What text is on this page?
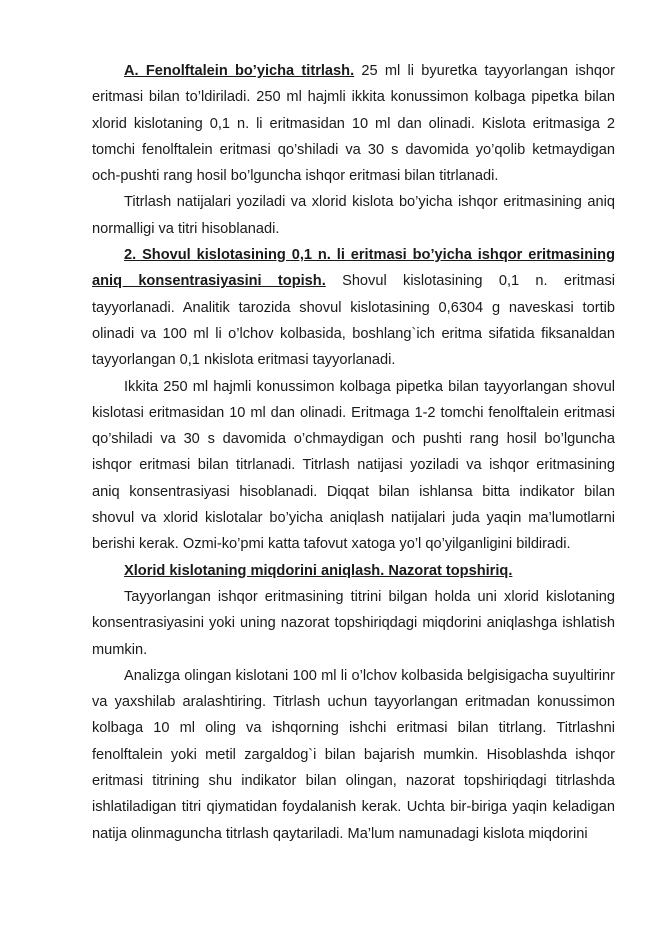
A. Fenolftalein bo’yicha titrlash. 25 ml li byuretka tayyorlangan ishqor eritmasi bilan to’ldiriladi. 250 ml hajmli ikkita konussimon kolbaga pipetka bilan xlorid kislotaning 0,1 n. li eritmasidan 10 ml dan olinadi. Kislota eritmasiga 2 tomchi fenolftalein eritmasi qo’shiladi va 30 s davomida yo’qolib ketmaydigan och-pushti rang hosil bo’lguncha ishqor eritmasi bilan titrlanadi.

Titrlash natijalari yoziladi va xlorid kislota bo’yicha ishqor eritmasining aniq normalligi va titri hisoblanadi.

2. Shovul kislotasining 0,1 n. li eritmasi bo’yicha ishqor eritmasining aniq konsentrasiyasini topish. Shovul kislotasining 0,1 n. eritmasi tayyorlanadi. Analitik tarozida shovul kislotasining 0,6304 g naveskasi tortib olinadi va 100 ml li o’lchov kolbasida, boshlang`ich eritma sifatida fiksanaldan tayyorlangan 0,1 nkislota eritmasi tayyorlanadi.

Ikkita 250 ml hajmli konussimon kolbaga pipetka bilan tayyorlangan shovul kislotasi eritmasidan 10 ml dan olinadi. Eritmaga 1-2 tomchi fenolftalein eritmasi qo’shiladi va 30 s davomida o’chmaydigan och pushti rang hosil bo’lguncha ishqor eritmasi bilan titrlanadi. Titrlash natijasi yoziladi va ishqor eritmasining aniq konsentrasiyasi hisoblanadi. Diqqat bilan ishlansa bitta indikator bilan shovul va xlorid kislotalar bo’yicha aniqlash natijalari juda yaqin ma’lumotlarni berishi kerak. Ozmi-ko’pmi katta tafovut xatoga yo’l qo’yilganligini bildiradi.

Xlorid kislotaning miqdorini aniqlash. Nazorat topshiriq.

Tayyorlangan ishqor eritmasining titrini bilgan holda uni xlorid kislotaning konsentrasiyasini yoki uning nazorat topshiriqdagi miqdorini aniqlashga ishlatish mumkin.

Analizga olingan kislotani 100 ml li o’lchov kolbasida belgisigacha suyultirinr va yaxshilab aralashtiring. Titrlash uchun tayyorlangan eritmadan konussimon kolbaga 10 ml oling va ishqorning ishchi eritmasi bilan titrlang. Titrlashni fenolftalein yoki metil zargaldog`i bilan bajarish mumkin. Hisoblashda ishqor eritmasi titrining shu indikator bilan olingan, nazorat topshiriqdagi titrlashda ishlatiladigan titri qiymatidan foydalanish kerak. Uchta bir-biriga yaqin keladigan natija olinmaguncha titrlash qaytariladi. Ma’lum namunadagi kislota miqdorini
